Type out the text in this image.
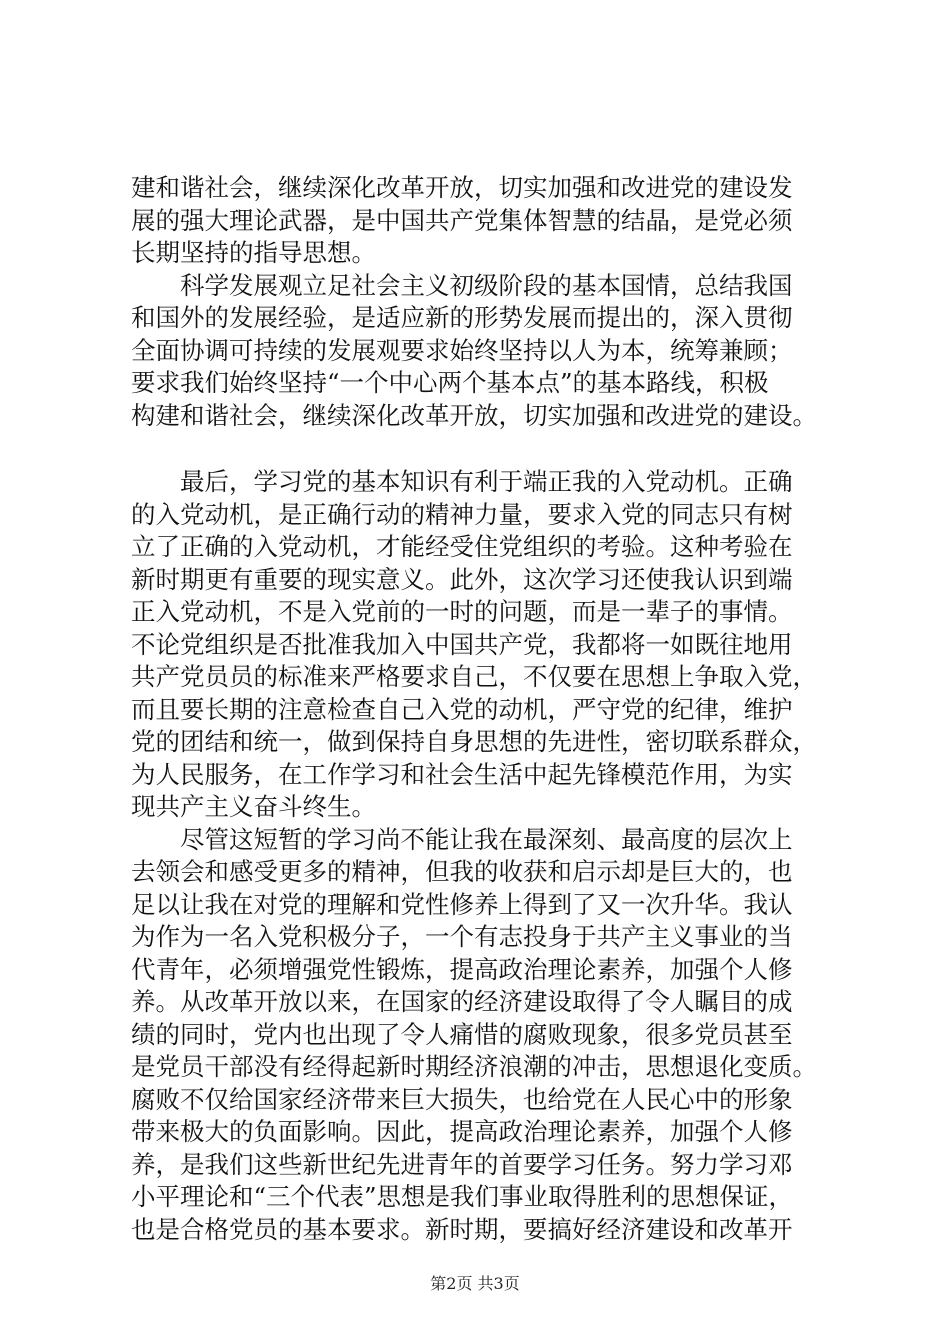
建和谐社会，继续深化改革开放，切实加强和改进党的建设发
展的强大理论武器，是中国共产党集体智慧的结晶，是党必须
长期坚持的指导思想。
　　科学发展观立足社会主义初级阶段的基本国情，总结我国
和国外的发展经验，是适应新的形势发展而提出的，深入贯彻
全面协调可持续的发展观要求始终坚持以人为本，统筹兼顾；
要求我们始终坚持“一个中心两个基本点”的基本路线，积极
构建和谐社会，继续深化改革开放，切实加强和改进党的建设。
　　最后，学习党的基本知识有利于端正我的入党动机。正确
的入党动机，是正确行动的精神力量，要求入党的同志只有树
立了正确的入党动机，才能经受住党组织的考验。这种考验在
新时期更有重要的现实意义。此外，这次学习还使我认识到端
正入党动机，不是入党前的一时的问题，而是一辈子的事情。
不论党组织是否批准我加入中国共产党，我都将一如既往地用
共产党员员的标准来严格要求自己，不仅要在思想上争取入党，
而且要长期的注意检查自己入党的动机，严守党的纪律，维护
党的团结和统一，做到保持自身思想的先进性，密切联系群众，
为人民服务，在工作学习和社会生活中起先锋模范作用，为实
现共产主义奋斗终生。
　　尽管这短暂的学习尚不能让我在最深刻、最高度的层次上
去领会和感受更多的精神，但我的收获和启示却是巨大的，也
足以让我在对党的理解和党性修养上得到了又一次升华。我认
为作为一名入党积极分子，一个有志投身于共产主义事业的当
代青年，必须增强党性锻炼，提高政治理论素养，加强个人修
养。从改革开放以来，在国家的经济建设取得了令人瞩目的成
绩的同时，党内也出现了令人痛惜的腐败现象，很多党员甚至
是党员干部没有经得起新时期经济浪潮的冲击，思想退化变质。
腐败不仅给国家经济带来巨大损失，也给党在人民心中的形象
带来极大的负面影响。因此，提高政治理论素养，加强个人修
养，是我们这些新世纪先进青年的首要学习任务。努力学习邓
小平理论和“三个代表”思想是我们事业取得胜利的思想保证，
也是合格党员的基本要求。新时期，要搞好经济建设和改革开
第2页 共3页
